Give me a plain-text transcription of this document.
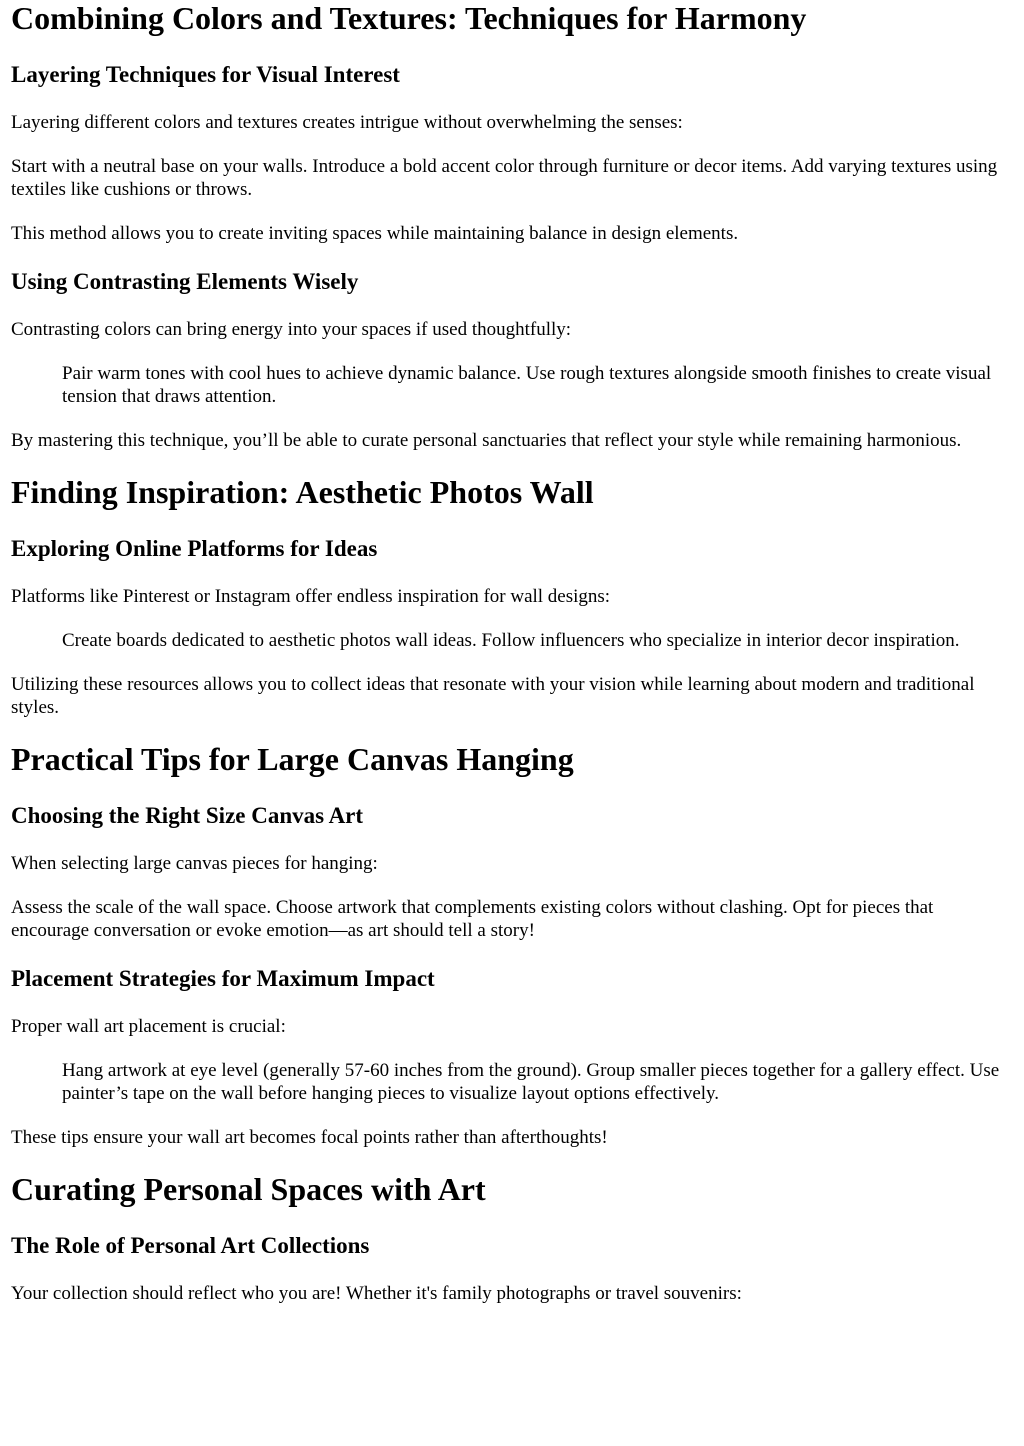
Combining Colors and Textures: Techniques for Harmony
Layering Techniques for Visual Interest

Layering different colors and textures creates intrigue without overwhelming the senses:

Start with a neutral base on your walls. Introduce a bold accent color through furniture or decor items. Add varying textures using textiles like cushions or throws.

This method allows you to create inviting spaces while maintaining balance in design elements.

Using Contrasting Elements Wisely

Contrasting colors can bring energy into your spaces if used thoughtfully:

Pair warm tones with cool hues to achieve dynamic balance. Use rough textures alongside smooth finishes to create visual tension that draws attention.

By mastering this technique, you’ll be able to curate personal sanctuaries that reflect your style while remaining harmonious.

Finding Inspiration: Aesthetic Photos Wall
Exploring Online Platforms for Ideas

Platforms like Pinterest or Instagram offer endless inspiration for wall designs:

Create boards dedicated to aesthetic photos wall ideas. Follow influencers who specialize in interior decor inspiration.

Utilizing these resources allows you to collect ideas that resonate with your vision while learning about modern and traditional styles.

Practical Tips for Large Canvas Hanging
Choosing the Right Size Canvas Art

When selecting large canvas pieces for hanging:

Assess the scale of the wall space. Choose artwork that complements existing colors without clashing. Opt for pieces that encourage conversation or evoke emotion—as art should tell a story!

Placement Strategies for Maximum Impact

Proper wall art placement is crucial:

Hang artwork at eye level (generally 57-60 inches from the ground). Group smaller pieces together for a gallery effect. Use painter’s tape on the wall before hanging pieces to visualize layout options effectively.

These tips ensure your wall art becomes focal points rather than afterthoughts!

Curating Personal Spaces with Art
The Role of Personal Art Collections

Your collection should reflect who you are! Whether it's family photographs or travel souvenirs:
